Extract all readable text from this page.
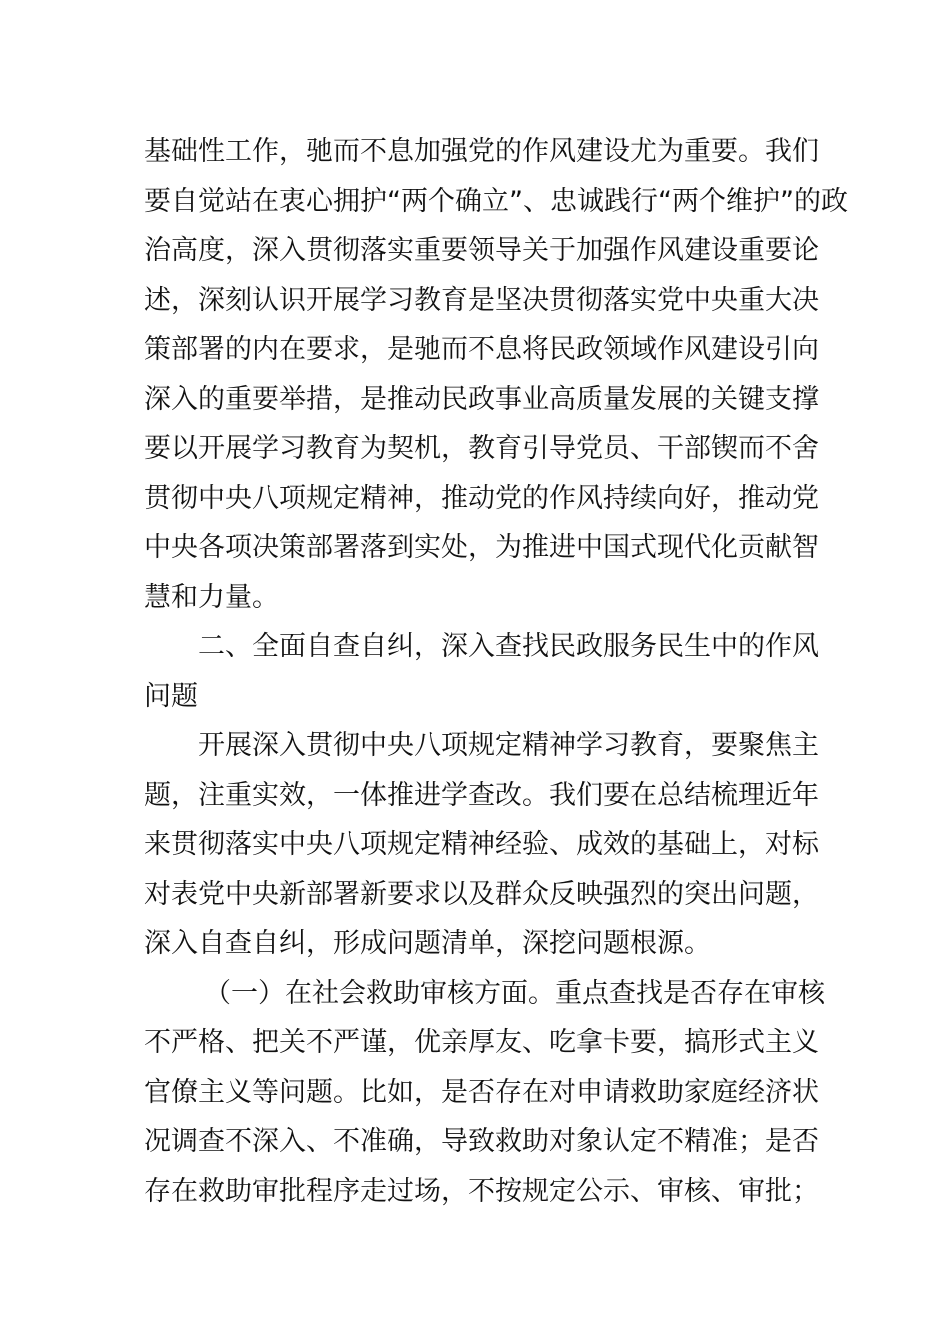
基础性工作，驰而不息加强党的作风建设尤为重要。我们
要自觉站在衷心拥护“两个确立”、忠诚践行“两个维护”的政
治高度，深入贯彻落实重要领导关于加强作风建设重要论
述，深刻认识开展学习教育是坚决贯彻落实党中央重大决
策部署的内在要求，是驰而不息将民政领域作风建设引向
深入的重要举措，是推动民政事业高质量发展的关键支撑
要以开展学习教育为契机，教育引导党员、干部锲而不舍
贯彻中央八项规定精神，推动党的作风持续向好，推动党
中央各项决策部署落到实处，为推进中国式现代化贡献智
慧和力量。
二、全面自查自纠，深入查找民政服务民生中的作风
问题
开展深入贯彻中央八项规定精神学习教育，要聚焦主
题，注重实效，一体推进学查改。我们要在总结梳理近年
来贯彻落实中央八项规定精神经验、成效的基础上，对标
对表党中央新部署新要求以及群众反映强烈的突出问题，
深入自查自纠，形成问题清单，深挖问题根源。
（一）在社会救助审核方面。重点查找是否存在审核
不严格、把关不严谨，优亲厚友、吃拿卡要，搞形式主义
官僚主义等问题。比如，是否存在对申请救助家庭经济状
况调查不深入、不准确，导致救助对象认定不精准；是否
存在救助审批程序走过场，不按规定公示、审核、审批；
